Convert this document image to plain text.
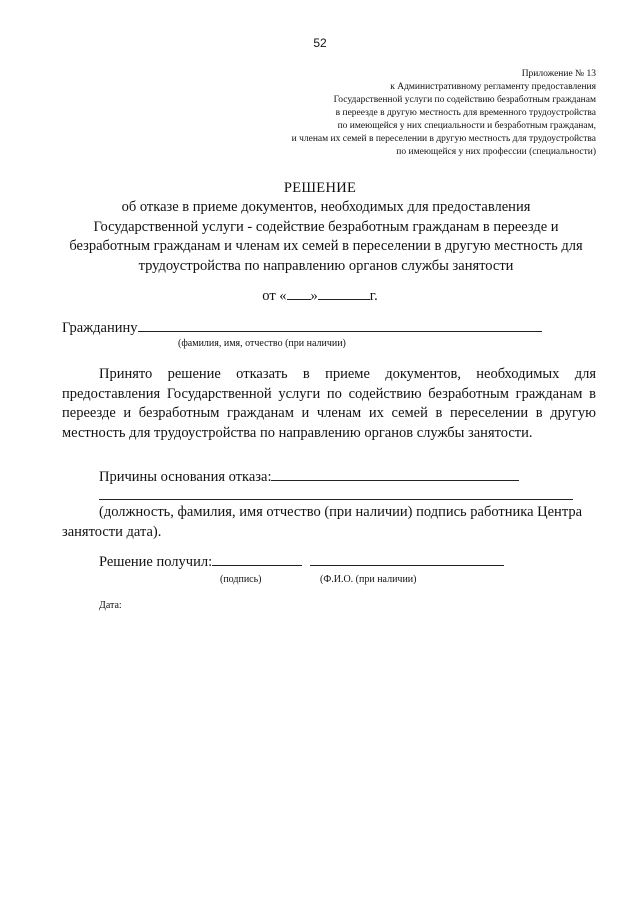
52
Приложение № 13
к Административному регламенту предоставления
Государственной услуги по содействию безработным гражданам
в переезде в другую местность для временного трудоустройства
по имеющейся у них специальности и безработным гражданам,
и членам их семей в переселении в другую местность для трудоустройства
по имеющейся у них профессии (специальности)
РЕШЕНИЕ
об отказе в приеме документов, необходимых для предоставления
Государственной услуги - содействие безработным гражданам в переезде и
безработным гражданам и членам их семей в переселении в другую местность для
трудоустройства по направлению органов службы занятости
от « »	г.
Гражданину
(фамилия, имя, отчество (при наличии)
Принято решение отказать в приеме документов, необходимых для
предоставления Государственной услуги по содействию безработным гражданам в
переезде и безработным гражданам и членам их семей в переселении в другую
местность для трудоустройства по направлению органов службы занятости.
Причины основания отказа:
(должность, фамилия, имя отчество (при наличии) подпись работника Центра
занятости дата).
Решение получил:
(подпись)	(Ф.И.О. (при наличии)
Дата:
